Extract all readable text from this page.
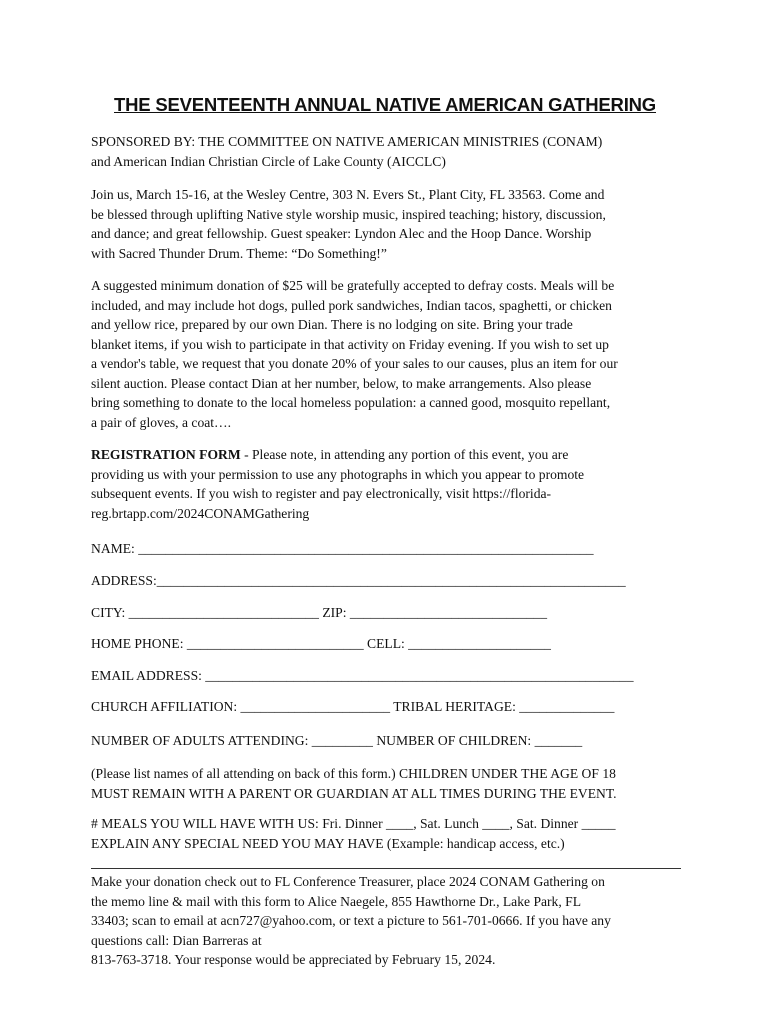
THE SEVENTEENTH ANNUAL NATIVE AMERICAN GATHERING
SPONSORED BY: THE COMMITTEE ON NATIVE AMERICAN MINISTRIES (CONAM)
and American Indian Christian Circle of Lake County (AICCLC)
Join us, March 15-16, at the Wesley Centre, 303 N. Evers St., Plant City, FL 33563. Come and
be blessed through uplifting Native style worship music, inspired teaching; history, discussion,
and dance; and great fellowship. Guest speaker: Lyndon Alec and the Hoop Dance. Worship
with Sacred Thunder Drum. Theme: “Do Something!”
A suggested minimum donation of $25 will be gratefully accepted to defray costs. Meals will be
included, and may include hot dogs, pulled pork sandwiches, Indian tacos, spaghetti, or chicken
and yellow rice, prepared by our own Dian. There is no lodging on site. Bring your trade
blanket items, if you wish to participate in that activity on Friday evening. If you wish to set up
a vendor's table, we request that you donate 20% of your sales to our causes, plus an item for our
silent auction. Please contact Dian at her number, below, to make arrangements. Also please
bring something to donate to the local homeless population: a canned good, mosquito repellant,
a pair of gloves, a coat….
REGISTRATION FORM - Please note, in attending any portion of this event, you are
providing us with your permission to use any photographs in which you appear to promote
subsequent events. If you wish to register and pay electronically, visit https://florida-
reg.brtapp.com/2024CONAMGathering
NAME: ___________________________________________________________________
ADDRESS:_____________________________________________________________________
CITY: ____________________________ ZIP: _____________________________
HOME PHONE: __________________________ CELL: _____________________
EMAIL ADDRESS: _______________________________________________________________
CHURCH AFFILIATION: ______________________ TRIBAL HERITAGE: ______________
NUMBER OF ADULTS ATTENDING: _________ NUMBER OF CHILDREN: _______
(Please list names of all attending on back of this form.) CHILDREN UNDER THE AGE OF 18
MUST REMAIN WITH A PARENT OR GUARDIAN AT ALL TIMES DURING THE EVENT.
# MEALS YOU WILL HAVE WITH US: Fri. Dinner ____, Sat. Lunch ____, Sat. Dinner _____
EXPLAIN ANY SPECIAL NEED YOU MAY HAVE (Example: handicap access, etc.)
Make your donation check out to FL Conference Treasurer, place 2024 CONAM Gathering on
the memo line & mail with this form to Alice Naegele, 855 Hawthorne Dr., Lake Park, FL
33403; scan to email at acn727@yahoo.com, or text a picture to 561-701-0666. If you have any
questions call: Dian Barreras at
813-763-3718. Your response would be appreciated by February 15, 2024.
